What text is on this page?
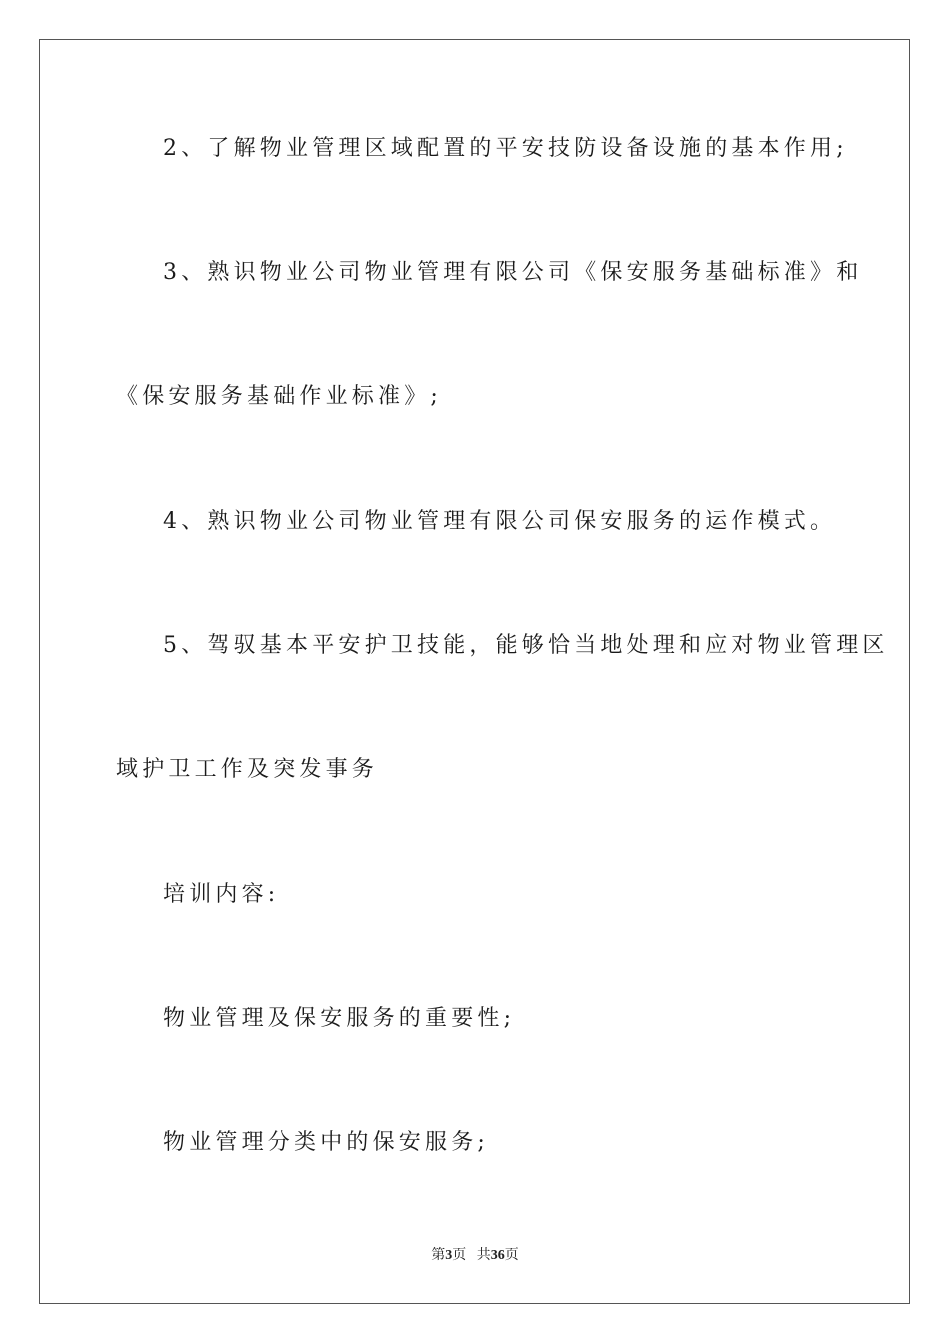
2、了解物业管理区域配置的平安技防设备设施的基本作用;
3、熟识物业公司物业管理有限公司《保安服务基础标准》和
《保安服务基础作业标准》;
4、熟识物业公司物业管理有限公司保安服务的运作模式。
5、驾驭基本平安护卫技能，能够恰当地处理和应对物业管理区
域护卫工作及突发事务
培训内容:
物业管理及保安服务的重要性;
物业管理分类中的保安服务;
第3页 共36页
